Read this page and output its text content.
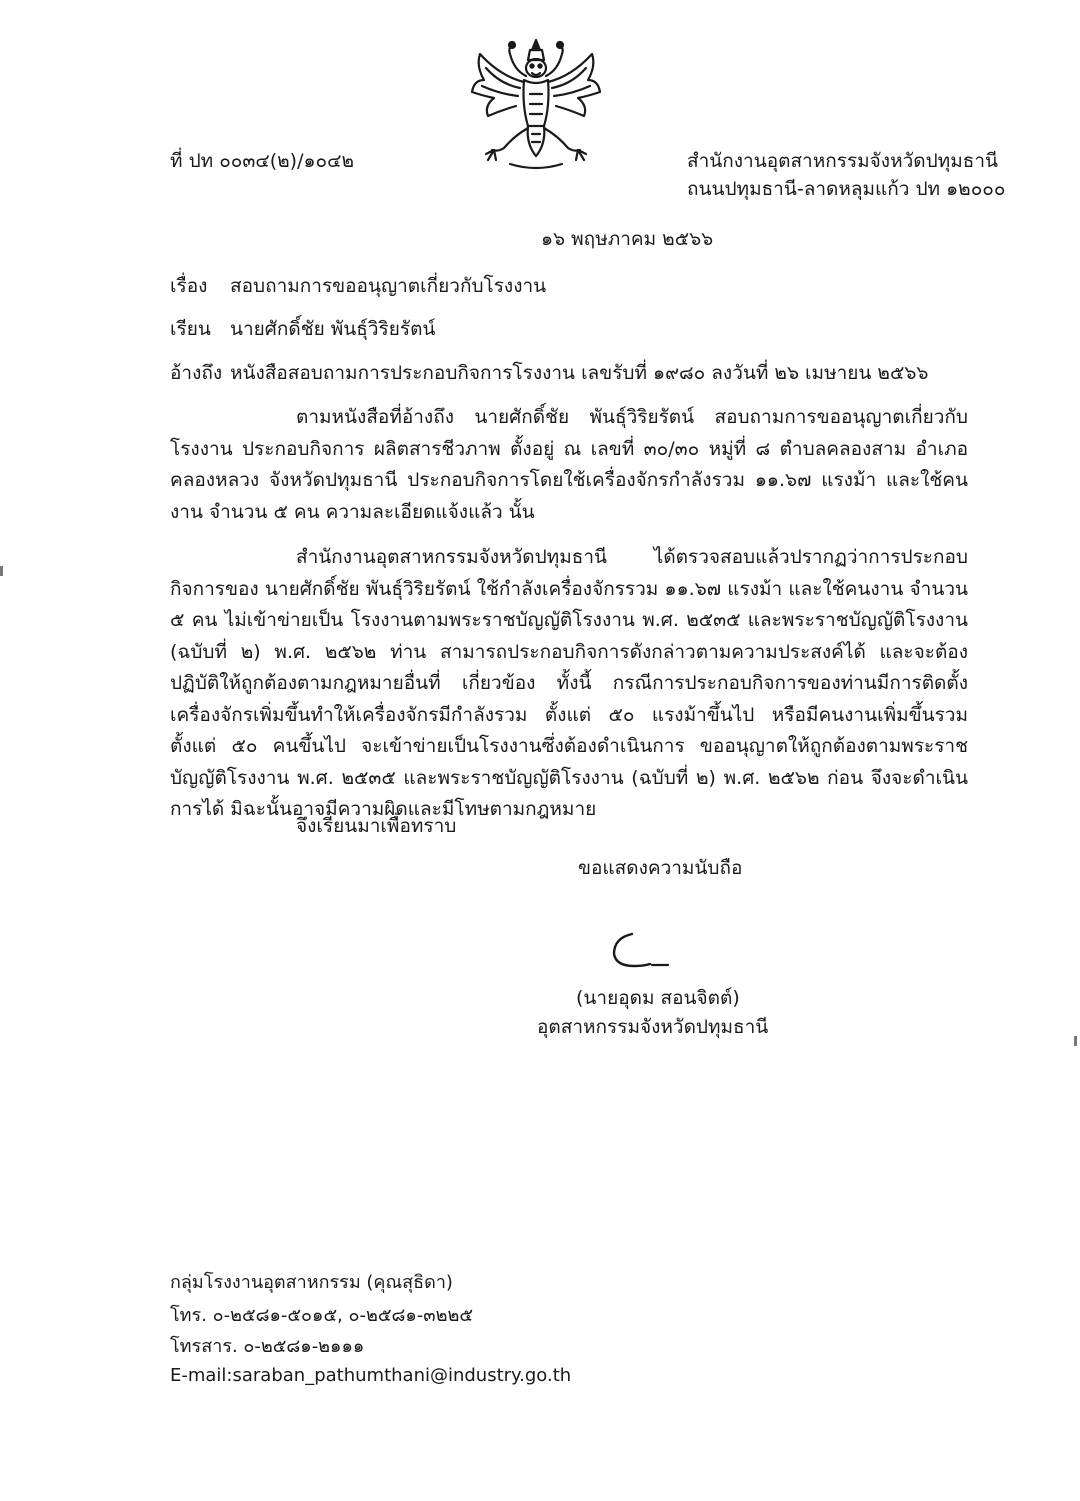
ที่ ปท ๐๐๓๔(๒)/๑๐๔๒	สำนักงานอุตสาหกรรมจังหวัดปทุมธานี
ถนนปทุมธานี-ลาดหลุมแก้ว ปท ๑๒๐๐๐
๑๖ พฤษภาคม ๒๕๖๖
เรื่อง สอบถามการขออนุญาตเกี่ยวกับโรงงาน
เรียน นายศักดิ์ชัย พันธุ์วิริยรัตน์
อ้างถึง หนังสือสอบถามการประกอบกิจการโรงงาน เลขรับที่ ๑๙๘๐ ลงวันที่ ๒๖ เมษายน ๒๕๖๖
ตามหนังสือที่อ้างถึง นายศักดิ์ชัย พันธุ์วิริยรัตน์ สอบถามการขออนุญาตเกี่ยวกับโรงงาน ประกอบกิจการ ผลิตสารชีวภาพ ตั้งอยู่ ณ เลขที่ ๓๐/๓๐ หมู่ที่ ๘ ตำบลคลองสาม อำเภอคลองหลวง จังหวัดปทุมธานี ประกอบกิจการโดยใช้เครื่องจักรกำลังรวม ๑๑.๖๗ แรงม้า และใช้คนงาน จำนวน ๕ คน ความละเอียดแจ้งแล้ว นั้น
สำนักงานอุตสาหกรรมจังหวัดปทุมธานี ได้ตรวจสอบแล้วปรากฏว่าการประกอบกิจการของ นายศักดิ์ชัย พันธุ์วิริยรัตน์ ใช้กำลังเครื่องจักรรวม ๑๑.๖๗ แรงม้า และใช้คนงาน จำนวน ๕ คน ไม่เข้าข่ายเป็น โรงงานตามพระราชบัญญัติโรงงาน พ.ศ. ๒๕๓๕ และพระราชบัญญัติโรงงาน (ฉบับที่ ๒) พ.ศ. ๒๕๖๒ ท่าน สามารถประกอบกิจการดังกล่าวตามความประสงค์ได้ และจะต้องปฏิบัติให้ถูกต้องตามกฎหมายอื่นที่ เกี่ยวข้อง ทั้งนี้ กรณีการประกอบกิจการของท่านมีการติดตั้งเครื่องจักรเพิ่มขึ้นทำให้เครื่องจักรมีกำลังรวม ตั้งแต่ ๕๐ แรงม้าขึ้นไป หรือมีคนงานเพิ่มขึ้นรวมตั้งแต่ ๕๐ คนขึ้นไป จะเข้าข่ายเป็นโรงงานซึ่งต้องดำเนินการ ขออนุญาตให้ถูกต้องตามพระราชบัญญัติโรงงาน พ.ศ. ๒๕๓๕ และพระราชบัญญัติโรงงาน (ฉบับที่ ๒) พ.ศ. ๒๕๖๒ ก่อน จึงจะดำเนินการได้ มิฉะนั้นอาจมีความผิดและมีโทษตามกฎหมาย
จึงเรียนมาเพื่อทราบ
ขอแสดงความนับถือ
(นายอุดม สอนจิตต์)
อุตสาหกรรมจังหวัดปทุมธานี
กลุ่มโรงงานอุตสาหกรรม (คุณสุธิดา)
โทร. ๐-๒๕๘๑-๕๐๑๕, ๐-๒๕๘๑-๓๒๒๕
โทรสาร. ๐-๒๕๘๑-๒๑๑๑
E-mail:saraban_pathumthani@industry.go.th
